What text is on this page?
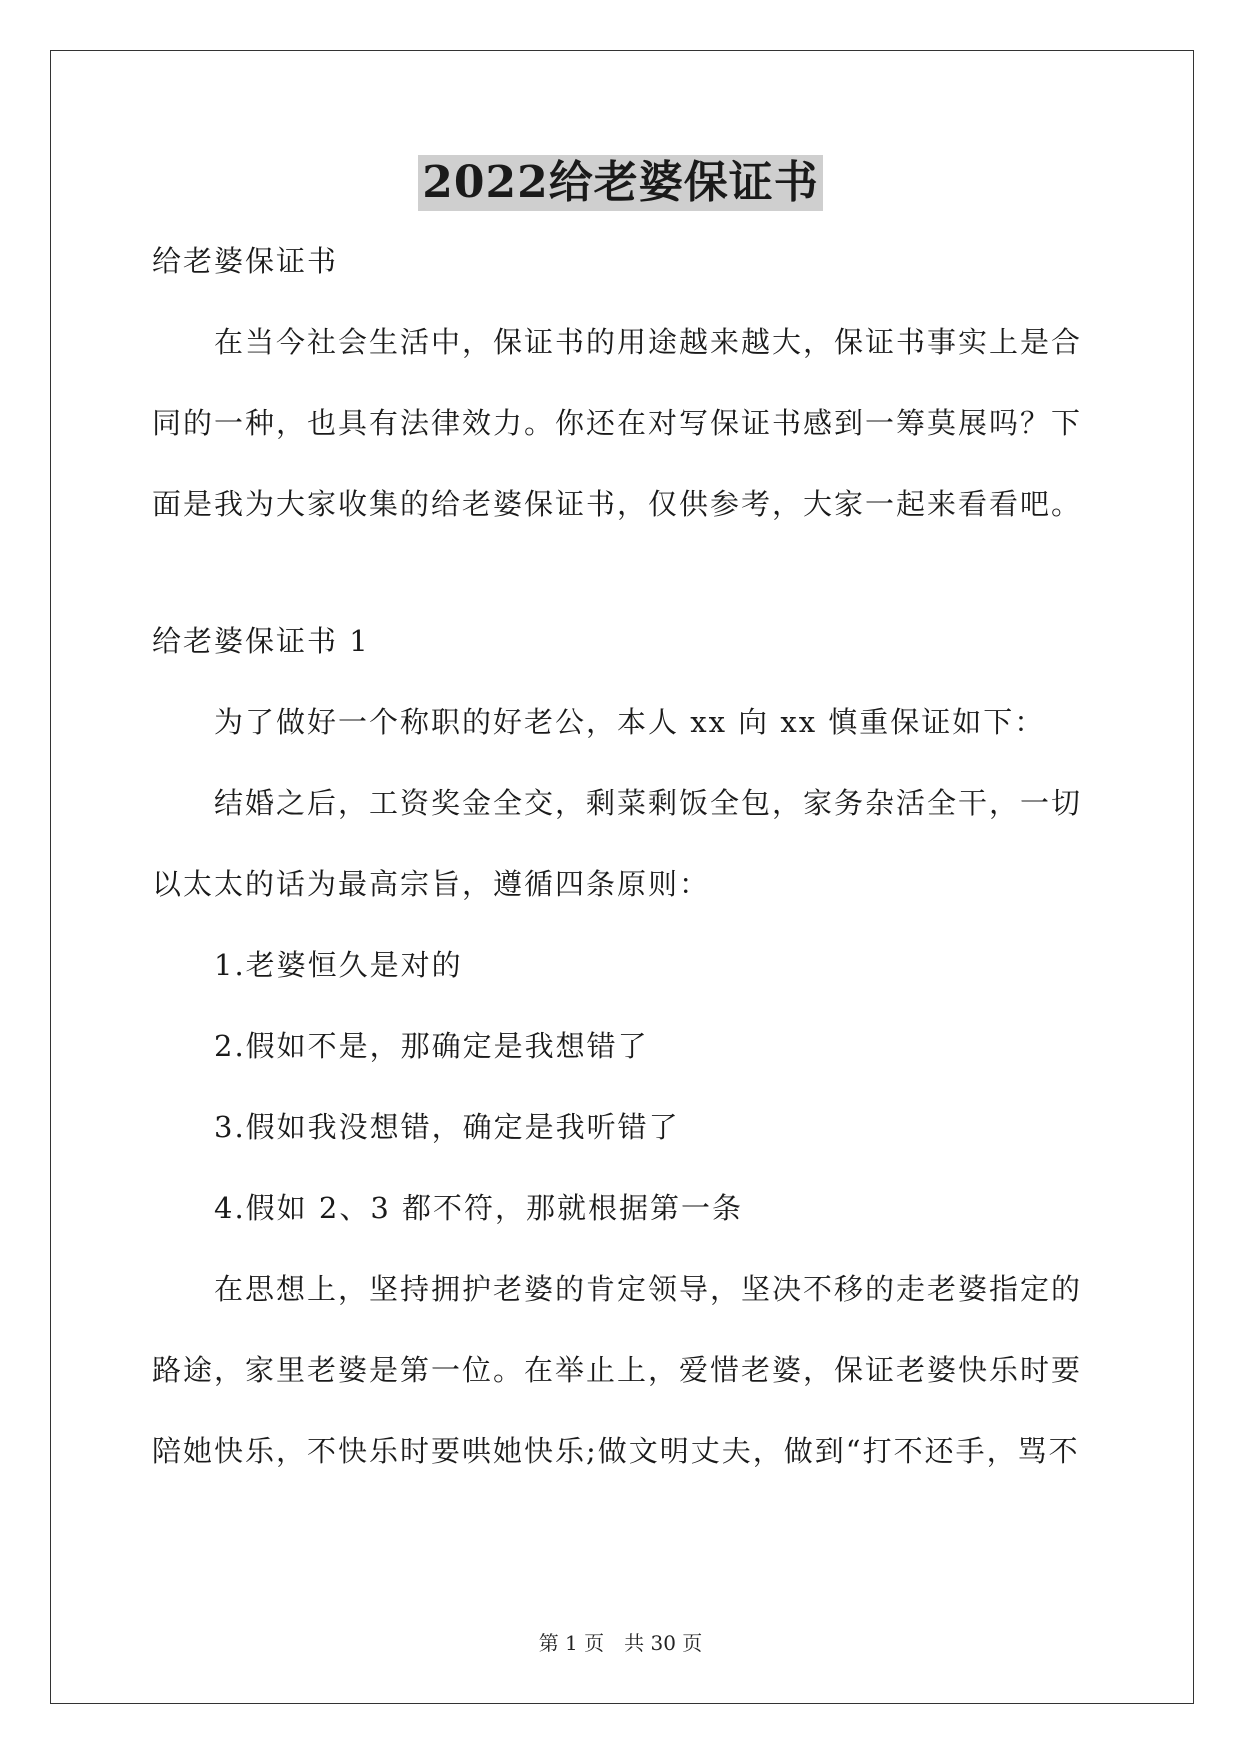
2022给老婆保证书
给老婆保证书
在当今社会生活中，保证书的用途越来越大，保证书事实上是合
同的一种，也具有法律效力。你还在对写保证书感到一筹莫展吗？下
面是我为大家收集的给老婆保证书，仅供参考，大家一起来看看吧。
给老婆保证书 1
为了做好一个称职的好老公，本人 xx 向 xx 慎重保证如下：
结婚之后，工资奖金全交，剩菜剩饭全包，家务杂活全干，一切
以太太的话为最高宗旨，遵循四条原则：
1.老婆恒久是对的
2.假如不是，那确定是我想错了
3.假如我没想错，确定是我听错了
4.假如 2、3 都不符，那就根据第一条
在思想上，坚持拥护老婆的肯定领导，坚决不移的走老婆指定的
路途，家里老婆是第一位。在举止上，爱惜老婆，保证老婆快乐时要
陪她快乐，不快乐时要哄她快乐;做文明丈夫，做到“打不还手，骂不
第 1 页 共 30 页
